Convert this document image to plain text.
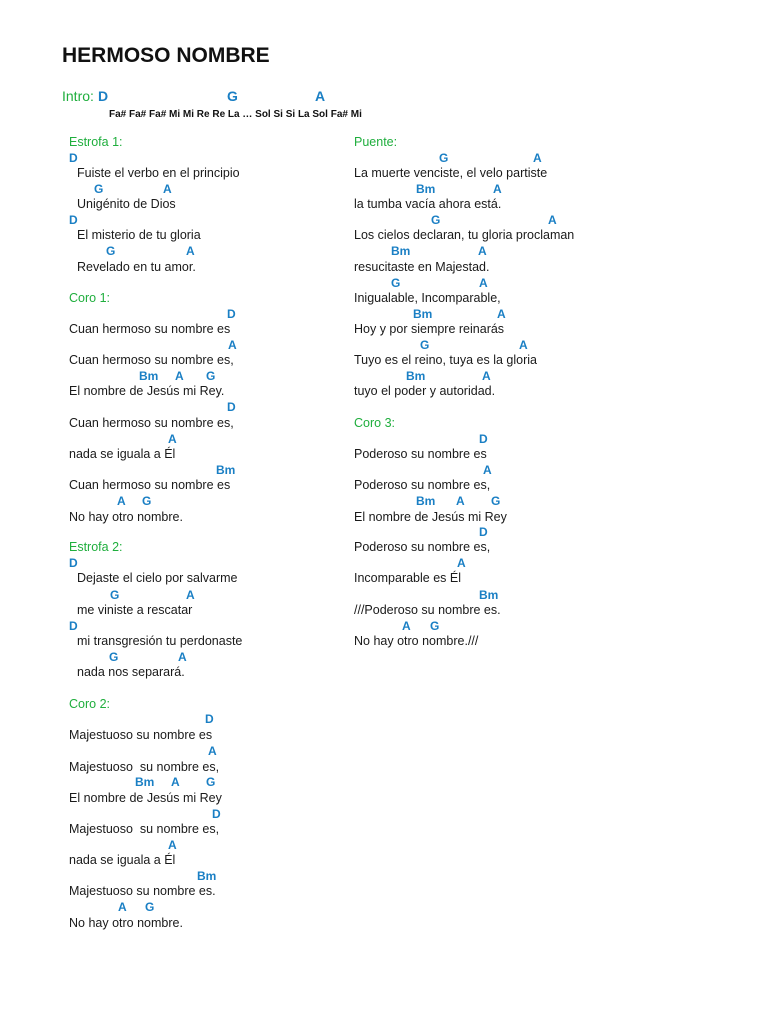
HERMOSO NOMBRE
Intro: D	G	A
Fa# Fa# Fa# Mi Mi Re Re La … Sol Si Si La Sol Fa# Mi
Estrofa 1:
D
Fuiste el verbo en el principio
G	A
Unigénito de Dios
D
El misterio de tu gloria
G	A
Revelado en tu amor.
Coro 1:
D
Cuan hermoso su nombre es
A
Cuan hermoso su nombre es,
Bm A G
El nombre de Jesús mi Rey.
D
Cuan hermoso su nombre es,
A
nada se iguala a Él
Bm
Cuan hermoso su nombre es
A G
No hay otro nombre.
Estrofa 2:
D
Dejaste el cielo por salvarme
G	A
me viniste a rescatar
D
mi transgresión tu perdonaste
G	A
nada nos separará.
Coro 2:
D
Majestuoso su nombre es
A
Majestuoso  su nombre es,
Bm A G
El nombre de Jesús mi Rey
D
Majestuoso  su nombre es,
A
nada se iguala a Él
Bm
Majestuoso su nombre es.
A G
No hay otro nombre.
Puente:
G	A
La muerte venciste, el velo partiste
Bm	A
la tumba vacía ahora está.
G	A
Los cielos declaran, tu gloria proclaman
Bm	A
resucitaste en Majestad.
G	A
Inigualable, Incomparable,
Bm	A
Hoy y por siempre reinarás
G	A
Tuyo es el reino, tuya es la gloria
Bm	A
tuyo el poder y autoridad.
Coro 3:
D
Poderoso su nombre es
A
Poderoso su nombre es,
Bm A G
El nombre de Jesús mi Rey
D
Poderoso su nombre es,
A
Incomparable es Él
Bm
///Poderoso su nombre es.
A G
No hay otro nombre.///
